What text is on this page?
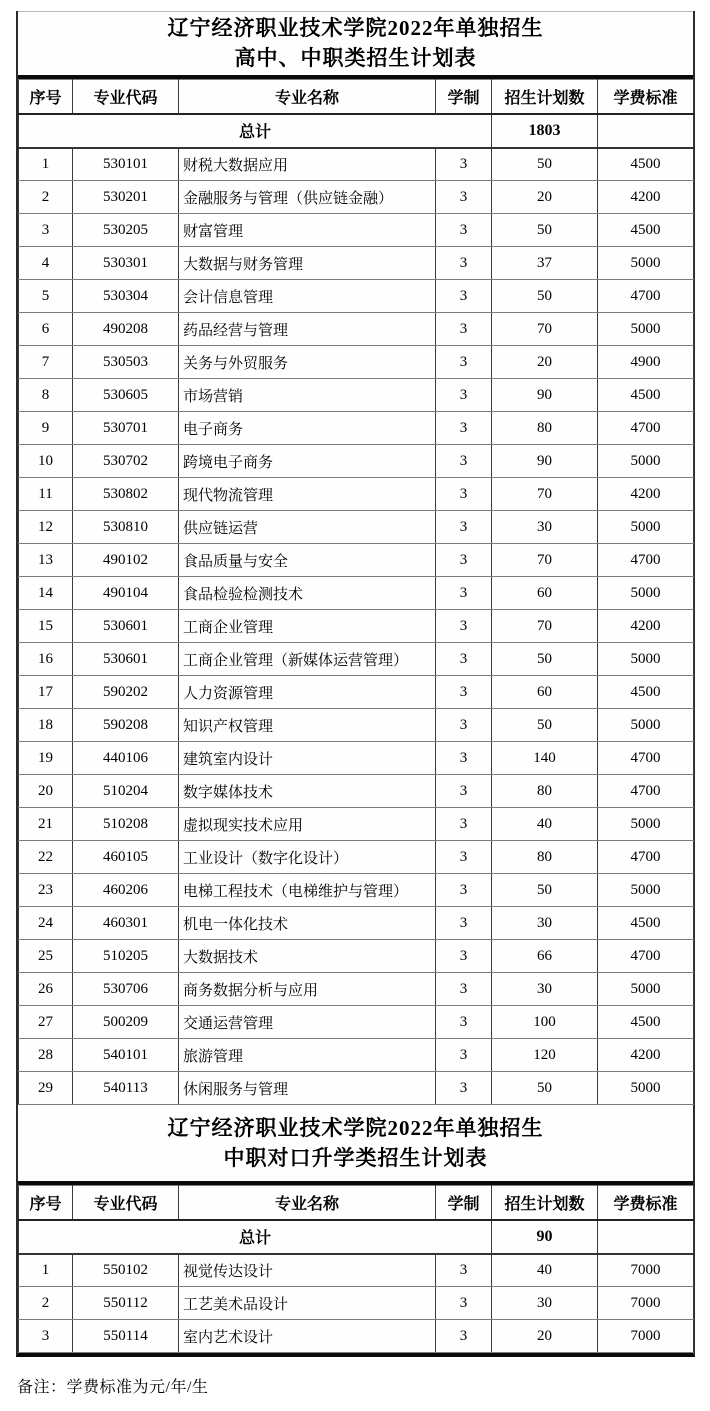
辽宁经济职业技术学院2022年单独招生
高中、中职类招生计划表
序号	专业代码	专业名称	学制	招生计划数	学费标准
总计				1803	
1	530101	财税大数据应用	3	50	4500
2	530201	金融服务与管理（供应链金融）	3	20	4200
3	530205	财富管理	3	50	4500
4	530301	大数据与财务管理	3	37	5000
5	530304	会计信息管理	3	50	4700
6	490208	药品经营与管理	3	70	5000
7	530503	关务与外贸服务	3	20	4900
8	530605	市场营销	3	90	4500
9	530701	电子商务	3	80	4700
10	530702	跨境电子商务	3	90	5000
11	530802	现代物流管理	3	70	4200
12	530810	供应链运营	3	30	5000
13	490102	食品质量与安全	3	70	4700
14	490104	食品检验检测技术	3	60	5000
15	530601	工商企业管理	3	70	4200
16	530601	工商企业管理（新媒体运营管理）	3	50	5000
17	590202	人力资源管理	3	60	4500
18	590208	知识产权管理	3	50	5000
19	440106	建筑室内设计	3	140	4700
20	510204	数字媒体技术	3	80	4700
21	510208	虚拟现实技术应用	3	40	5000
22	460105	工业设计（数字化设计）	3	80	4700
23	460206	电梯工程技术（电梯维护与管理）	3	50	5000
24	460301	机电一体化技术	3	30	4500
25	510205	大数据技术	3	66	4700
26	530706	商务数据分析与应用	3	30	5000
27	500209	交通运营管理	3	100	4500
28	540101	旅游管理	3	120	4200
29	540113	休闲服务与管理	3	50	5000
辽宁经济职业技术学院2022年单独招生
中职对口升学类招生计划表
序号	专业代码	专业名称	学制	招生计划数	学费标准
总计				90	
1	550102	视觉传达设计	3	40	7000
2	550112	工艺美术品设计	3	30	7000
3	550114	室内艺术设计	3	20	7000
备注：学费标准为元/年/生
